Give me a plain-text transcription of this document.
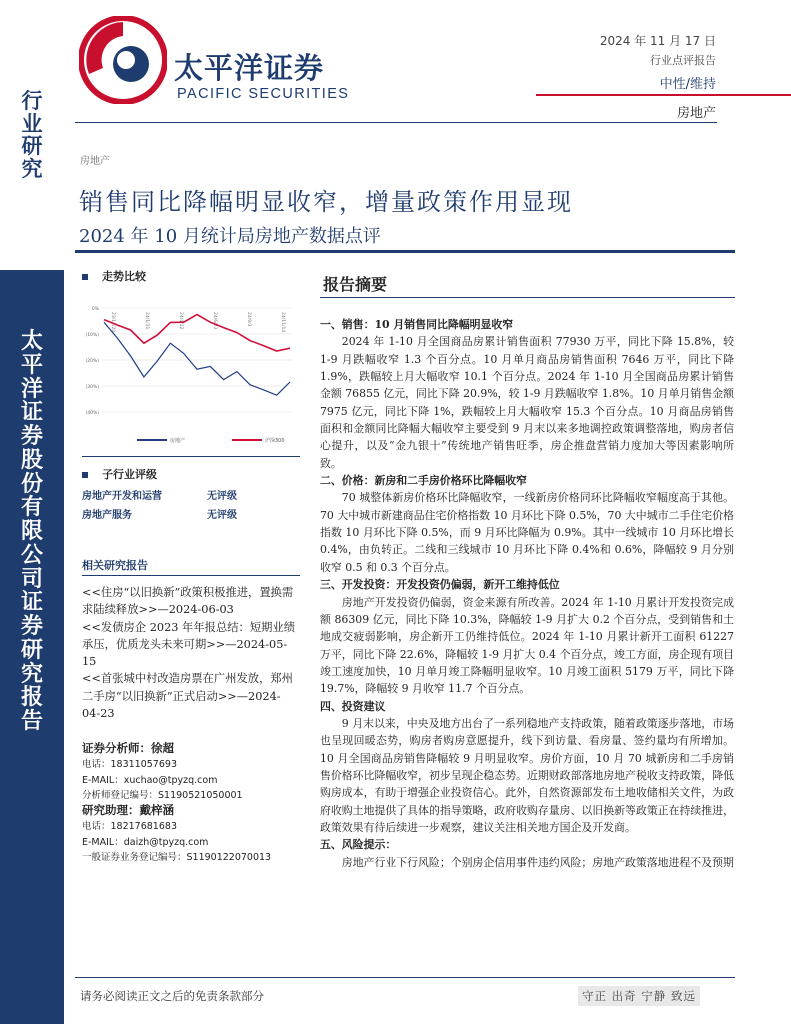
行
业
研
究
太
平
洋
证
券
股
份
有
限
公
司
证
券
研
究
报
告
太平洋证券
PACIFIC SECURITIES
2024 年 11 月 17 日
行业点评报告
中性/维持
房地产
房地产
销售同比降幅明显收窄，增量政策作用显现
2024 年 10 月统计局房地产数据点评
走势比较
0%
(10%)
(20%)
(30%)
(40%)
23/11/20	24/1/31	24/4/12	24/6/23	24/9/3	24/11/14
房地产	沪深300
子行业评级
房地产开发和运营	无评级
房地产服务	无评级
相关研究报告
<<住房“以旧换新”政策积极推进，置换需求陆续释放>>—2024-06-03
<<发债房企 2023 年年报总结：短期业绩承压，优质龙头未来可期>>—2024-05-15
<<首张城中村改造房票在广州发放，郑州二手房“以旧换新”正式启动>>—2024-04-23
证券分析师：徐超
电话：18311057693
E-MAIL：xuchao@tpyzq.com
分析师登记编号：S1190521050001
研究助理：戴梓涵
电话：18217681683
E-MAIL：daizh@tpyzq.com
一般证券业务登记编号：S1190122070013
报告摘要
一、销售：10 月销售同比降幅明显收窄
2024 年 1-10 月全国商品房累计销售面积 77930 万平，同比下降 15.8%，较 1-9 月跌幅收窄 1.3 个百分点。10 月单月商品房销售面积 7646 万平，同比下降 1.9%，跌幅较上月大幅收窄 10.1 个百分点。2024 年 1-10 月全国商品房累计销售金额 76855 亿元，同比下降 20.9%，较 1-9 月跌幅收窄 1.8%。10 月单月销售金额 7975 亿元，同比下降 1%，跌幅较上月大幅收窄 15.3 个百分点。10 月商品房销售面积和金额同比降幅大幅收窄主要受到 9 月末以来多地调控政策调整落地，购房者信心提升，以及“金九银十”传统地产销售旺季，房企推盘营销力度加大等因素影响所致。
二、价格：新房和二手房价格环比降幅收窄
70 城整体新房价格环比降幅收窄，一线新房价格同环比降幅收窄幅度高于其他。70 大中城市新建商品住宅价格指数 10 月环比下降 0.5%，70 大中城市二手住宅价格指数 10 月环比下降 0.5%，而 9 月环比降幅为 0.9%。其中一线城市 10 月环比增长 0.4%，由负转正。二线和三线城市 10 月环比下降 0.4%和 0.6%，降幅较 9 月分别收窄 0.5 和 0.3 个百分点。
三、开发投资：开发投资仍偏弱，新开工维持低位
房地产开发投资仍偏弱，资金来源有所改善。2024 年 1-10 月累计开发投资完成额 86309 亿元，同比下降 10.3%，降幅较 1-9 月扩大 0.2 个百分点，受到销售和土地成交疲弱影响，房企新开工仍维持低位。2024 年 1-10 月累计新开工面积 61227 万平，同比下降 22.6%，降幅较 1-9 月扩大 0.4 个百分点，竣工方面，房企现有项目竣工速度加快，10 月单月竣工降幅明显收窄。10 月竣工面积 5179 万平，同比下降 19.7%，降幅较 9 月收窄 11.7 个百分点。
四、投资建议
9 月末以来，中央及地方出台了一系列稳地产支持政策，随着政策逐步落地，市场也呈现回暖态势，购房者购房意愿提升，线下到访量、看房量、签约量均有所增加。10 月全国商品房销售降幅较 9 月明显收窄。房价方面，10 月 70 城新房和二手房销售价格环比降幅收窄，初步呈现企稳态势。近期财政部落地房地产税收支持政策，降低购房成本，有助于增强企业投资信心。此外，自然资源部发布土地收储相关文件，为政府收购土地提供了具体的指导策略，政府收购存量房、以旧换新等政策正在持续推进，政策效果有待后续进一步观察，建议关注相关地方国企及开发商。
五、风险提示：
房地产行业下行风险；个别房企信用事件违约风险；房地产政策落地进程不及预期
请务必阅读正文之后的免责条款部分	守正 出奇 宁静 致远
